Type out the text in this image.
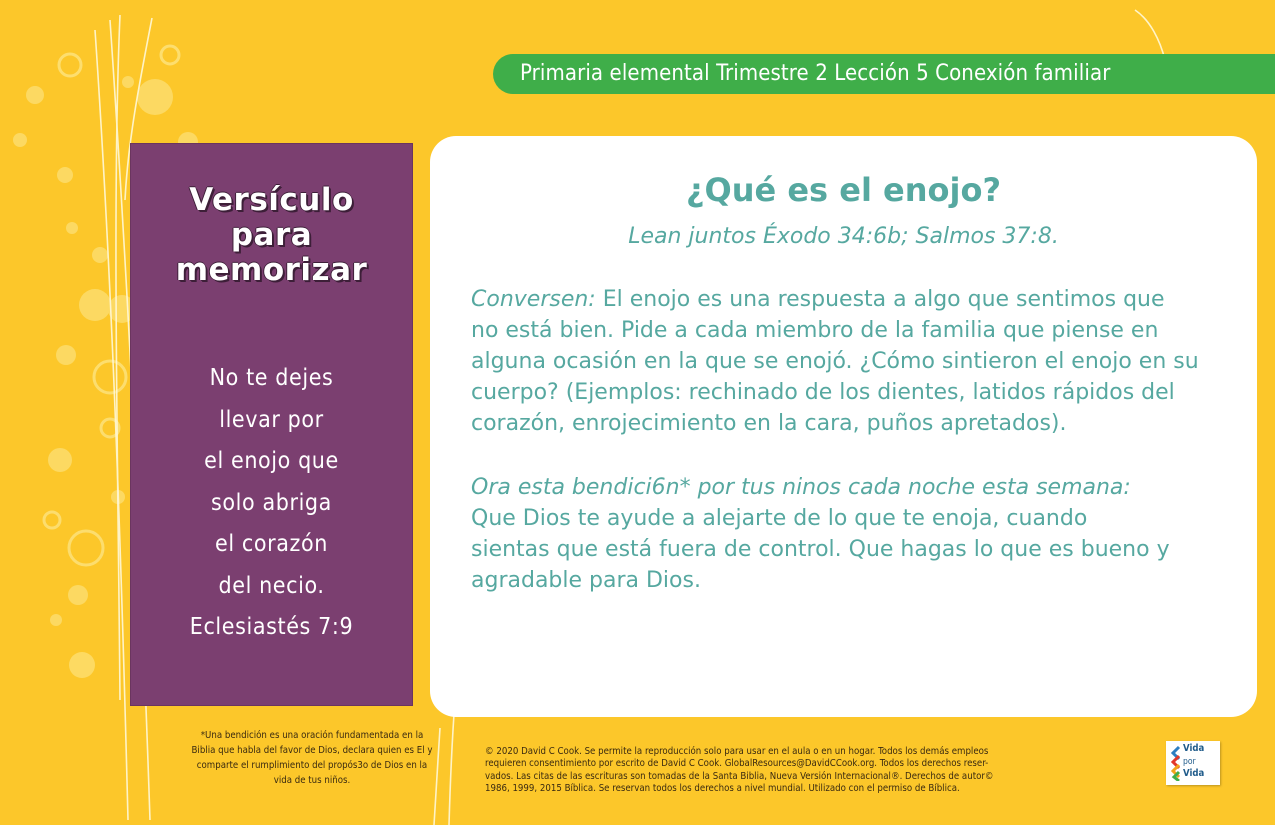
Primaria elemental Trimestre 2 Lección 5 Conexión familiar
Versículo
para
memorizar
No te dejes
llevar por
el enojo que
solo abriga
el corazón
del necio.
Eclesiastés 7:9
¿Qué es el enojo?
Lean juntos Éxodo 34:6b; Salmos 37:8.
Conversen: El enojo es una respuesta a algo que sentimos que
no está bien. Pide a cada miembro de la familia que piense en
alguna ocasión en la que se enojó. ¿Cómo sintieron el enojo en su
cuerpo? (Ejemplos: rechinado de los dientes, latidos rápidos del
corazón, enrojecimiento en la cara, puños apretados).
Ora esta bendici6n* por tus ninos cada noche esta semana:
Que Dios te ayude a alejarte de lo que te enoja, cuando
sientas que está fuera de control. Que hagas lo que es bueno y
agradable para Dios.
*Una bendición es una oración fundamentada en la
Biblia que habla del favor de Dios, declara quien es El y
comparte el rumplimiento del propós3o de Dios en la
vida de tus niños.
© 2020 David C Cook. Se permite la reproducción solo para usar en el aula o en un hogar. Todos los demás empleos
requieren consentimiento por escrito de David C Cook. GlobalResources@DavidCCook.org. Todos los derechos reser-
vados. Las citas de las escrituras son tomadas de la Santa Biblia, Nueva Versión Internacional®. Derechos de autor©
1986, 1999, 2015 Bíblica. Se reservan todos los derechos a nivel mundial. Utilizado con el permiso de Bíblica.
Vida
por
Vida
